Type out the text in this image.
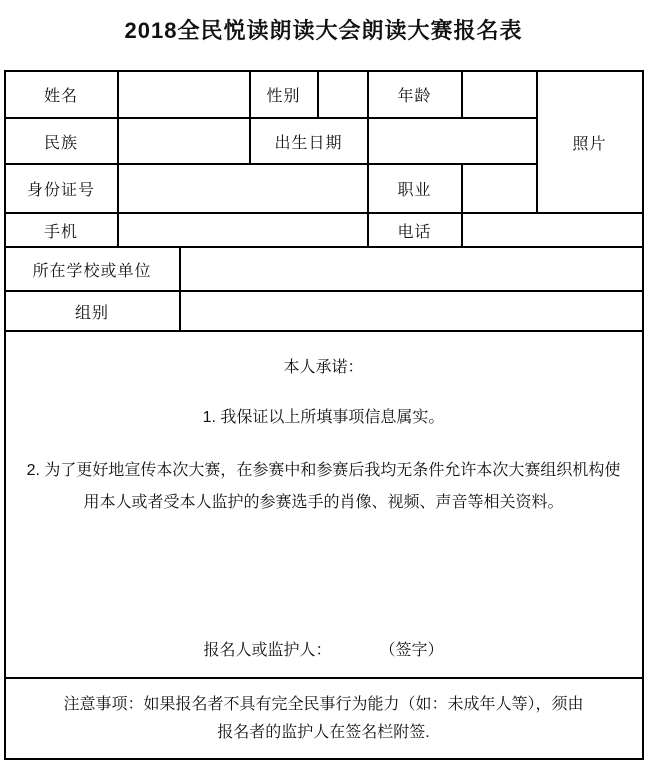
2018全民悦读朗读大会朗读大赛报名表
姓名			性别		年龄		照片
民族			出生日期				
身份证号					职业		
手机					电话		
所在学校或单位							
组别							

本人承诺：
1. 我保证以上所填事项信息属实。
2. 为了更好地宣传本次大赛，在参赛中和参赛后我均无条件允许本次大赛组织机构使
用本人或者受本人监护的参赛选手的肖像、视频、声音等相关资料。
报名人或监护人：　　　　（签字）							

注意事项：如果报名者不具有完全民事行为能力（如：未成年人等），须由
报名者的监护人在签名栏附签.							
